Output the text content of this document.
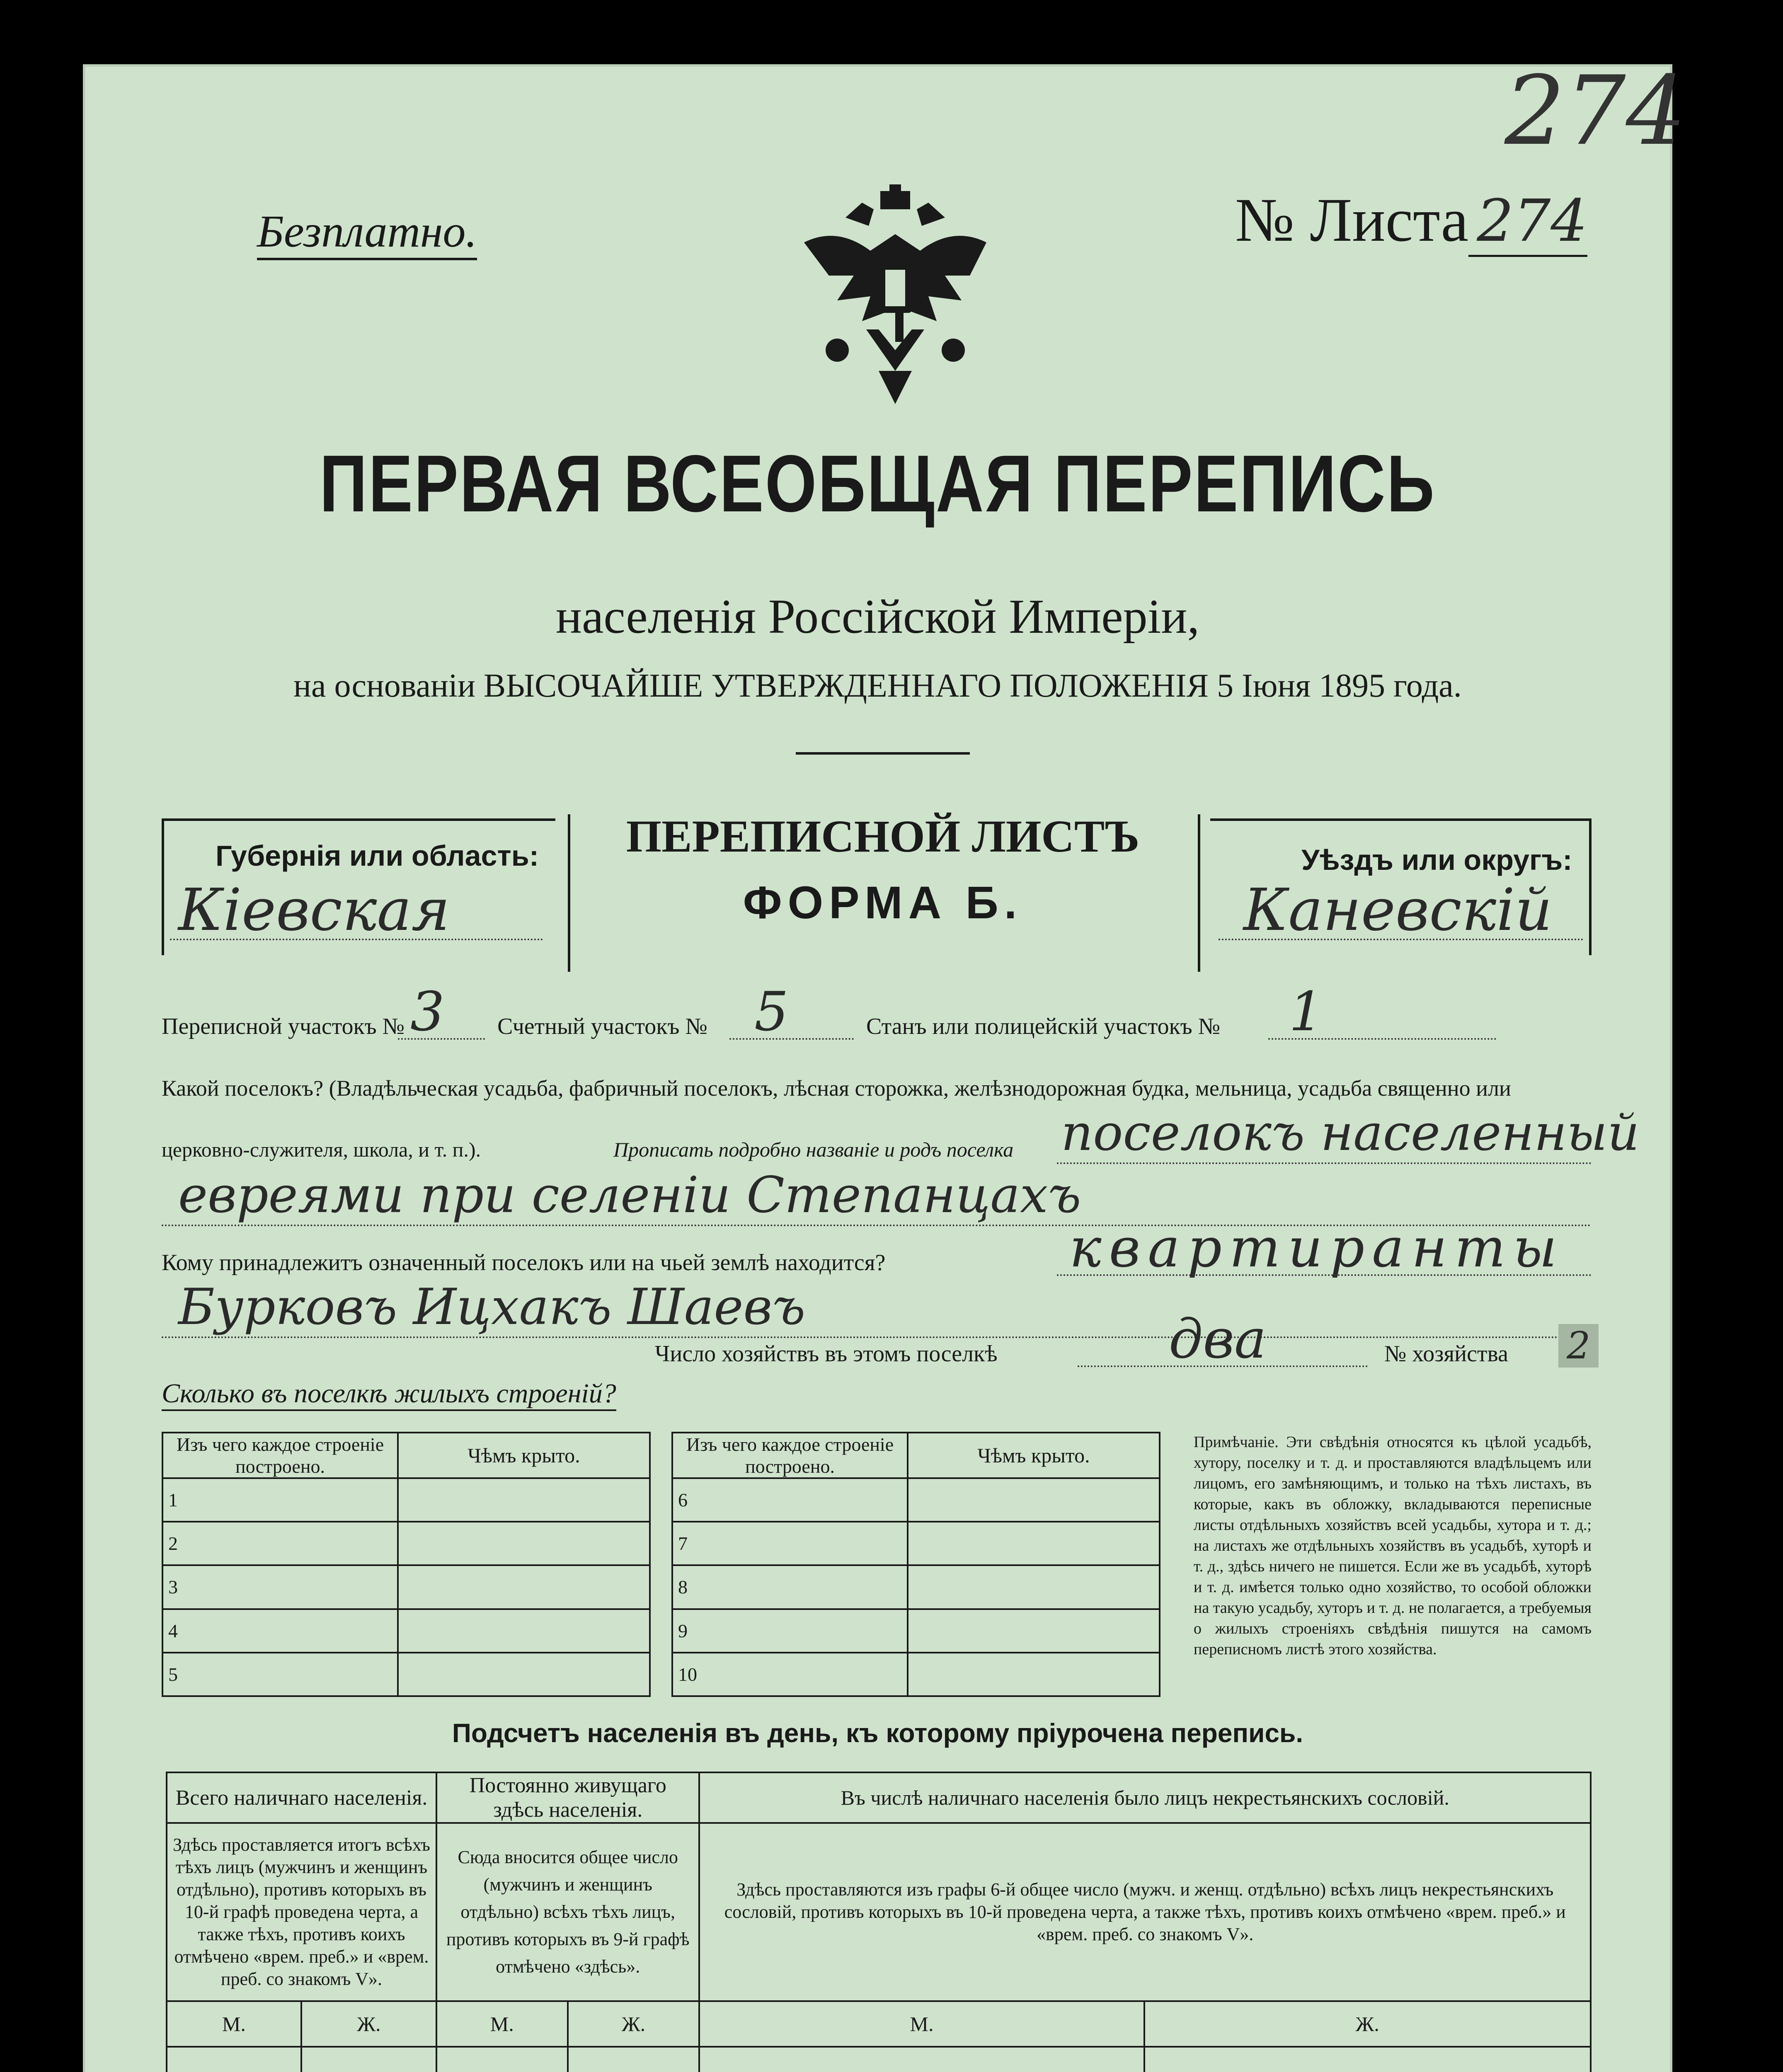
274
Безплатно.	№ Листа 274
ПЕРВАЯ ВСЕОБЩАЯ ПЕРЕПИСЬ
населенія Россійской Имперіи,
на основаніи ВЫСОЧАЙШЕ УТВЕРЖДЕННАГО ПОЛОЖЕНІЯ 5 Іюня 1895 года.
Губернія или область:
Кіевская
ПЕРЕПИСНОЙ ЛИСТЪ
ФОРМА Б.
Уѣздъ или округъ:
Каневскій
Переписной участокъ № 3 Счетный участокъ № 5	Станъ или полицейскій участокъ № 1
Какой поселокъ? (Владѣльческая усадьба, фабричный поселокъ, лѣсная сторожка, желѣзнодорожная будка, мельница, усадьба священно или
церковно-служителя, школа, и т. п.).	Прописать подробно названіе и родъ поселка поселокъ населенный
евреями при селеніи Степанцахъ
Кому принадлежитъ означенный поселокъ или на чьей землѣ находится?	квартиранты
Бурковъ Ицхакъ Шаевъ
Число хозяйствъ въ этомъ поселкѣ	два	№ хозяйства 2
Сколько въ поселкѣ жилыхъ строеній?
Изъ чего каждое строеніе построено.	Чѣмъ крыто.
1	
2	
3	
4	
5	
Изъ чего каждое строеніе построено.	Чѣмъ крыто.
6	
7	
8	
9	
10	
Примѣчаніе. Эти свѣдѣнія относятся къ цѣлой усадьбѣ, хутору, поселку и т. д. и проставляются владѣльцемъ или лицомъ, его замѣняющимъ, и только на тѣхъ листахъ, въ которые, какъ въ обложку, вкладываются переписные листы отдѣльныхъ хозяйствъ всей усадьбы, хутора и т. д.; на листахъ же отдѣльныхъ хозяйствъ въ усадьбѣ, хуторѣ и т. д., здѣсь ничего не пишется. Если же въ усадьбѣ, хуторѣ и т. д. имѣется только одно хозяйство, то особой обложки на такую усадьбу, хуторъ и т. д. не полагается, а требуемыя о жилыхъ строеніяхъ свѣдѣнія пишутся на самомъ переписномъ листѣ этого хозяйства.
Подсчетъ населенія въ день, къ которому пріурочена перепись.
Всего наличнаго населенія.		Постоянно живущаго здѣсь населенія.		Въ числѣ наличнаго населенія было лицъ некрестьянскихъ сословій.	
Здѣсь проставляется итогъ всѣхъ тѣхъ лицъ (мужчинъ и женщинъ отдѣльно), противъ которыхъ въ 10-й графѣ проведена черта, а также тѣхъ, противъ коихъ отмѣчено «врем. преб.» и «врем. преб. со знакомъ V».		Сюда вносится общее число (мужчинъ и женщинъ отдѣльно) всѣхъ тѣхъ лицъ, противъ которыхъ въ 9-й графѣ отмѣчено «здѣсь».		Здѣсь проставляются изъ графы 6-й общее число (мужч. и женщ. отдѣльно) всѣхъ лицъ некрестьянскихъ сословій, противъ которыхъ въ 10-й проведена черта, а также тѣхъ, противъ коихъ отмѣчено «врем. преб.» и «врем. преб. со знакомъ V».	
М.	Ж.	М.	Ж.	М.	Ж.
